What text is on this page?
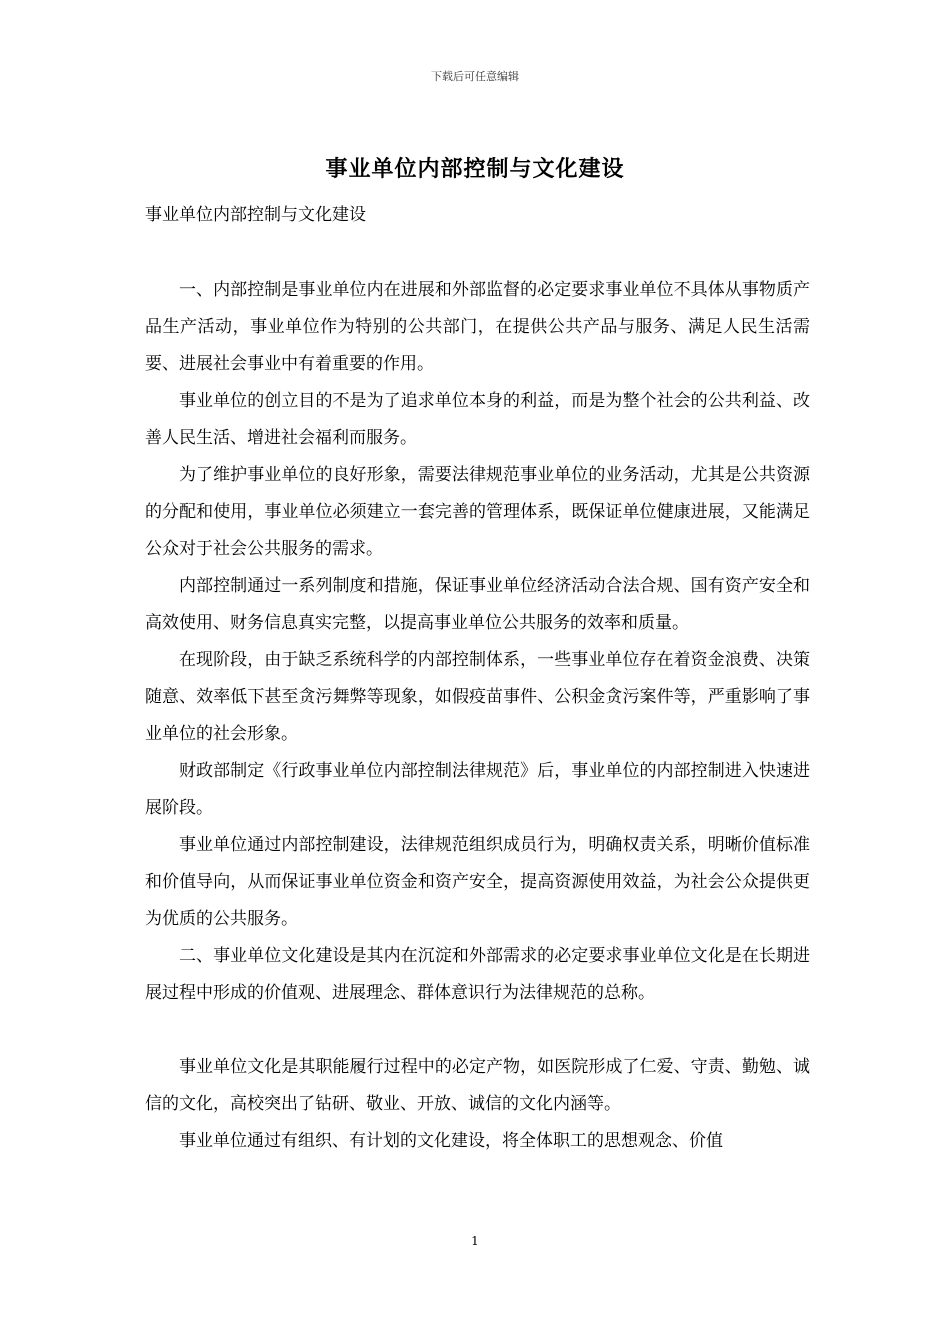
下载后可任意编辑
事业单位内部控制与文化建设
事业单位内部控制与文化建设

一、内部控制是事业单位内在进展和外部监督的必定要求事业单位不具体从事物质产品生产活动，事业单位作为特别的公共部门，在提供公共产品与服务、满足人民生活需要、进展社会事业中有着重要的作用。

事业单位的创立目的不是为了追求单位本身的利益，而是为整个社会的公共利益、改善人民生活、增进社会福利而服务。

为了维护事业单位的良好形象，需要法律规范事业单位的业务活动，尤其是公共资源的分配和使用，事业单位必须建立一套完善的管理体系，既保证单位健康进展，又能满足公众对于社会公共服务的需求。

内部控制通过一系列制度和措施，保证事业单位经济活动合法合规、国有资产安全和高效使用、财务信息真实完整，以提高事业单位公共服务的效率和质量。

在现阶段，由于缺乏系统科学的内部控制体系，一些事业单位存在着资金浪费、决策随意、效率低下甚至贪污舞弊等现象，如假疫苗事件、公积金贪污案件等，严重影响了事业单位的社会形象。

财政部制定《行政事业单位内部控制法律规范》后，事业单位的内部控制进入快速进展阶段。

事业单位通过内部控制建设，法律规范组织成员行为，明确权责关系，明晰价值标准和价值导向，从而保证事业单位资金和资产安全，提高资源使用效益，为社会公众提供更为优质的公共服务。

二、事业单位文化建设是其内在沉淀和外部需求的必定要求事业单位文化是在长期进展过程中形成的价值观、进展理念、群体意识行为法律规范的总称。

事业单位文化是其职能履行过程中的必定产物，如医院形成了仁爱、守责、勤勉、诚信的文化，高校突出了钻研、敬业、开放、诚信的文化内涵等。

事业单位通过有组织、有计划的文化建设，将全体职工的思想观念、价值

1
